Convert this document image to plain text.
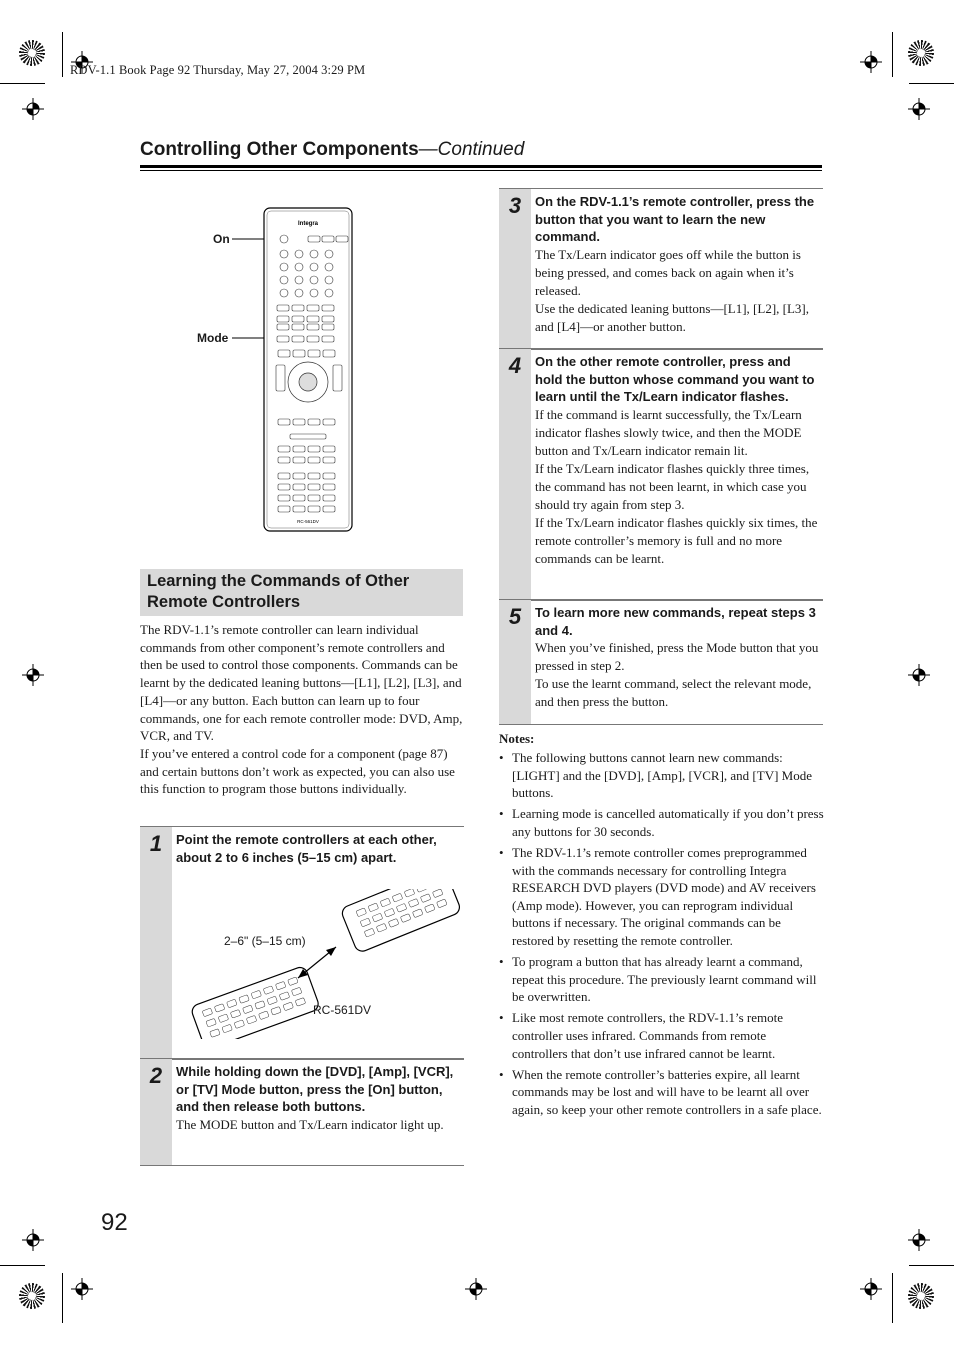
RDV-1.1 Book Page 92 Thursday, May 27, 2004 3:29 PM
Controlling Other Components—Continued
On
Mode
Integra
RC-561DV
Learning the Commands of Other Remote Controllers
The RDV-1.1’s remote controller can learn individual commands from other component’s remote controllers and then be used to control those components. Commands can be learnt by the dedicated leaning buttons—[L1], [L2], [L3], and [L4]—or any button. Each button can learn up to four commands, one for each remote controller mode: DVD, Amp, VCR, and TV.
If you’ve entered a control code for a component (page 87) and certain buttons don’t work as expected, you can also use this function to program those buttons individually.
1	Point the remote controllers at each other, about 2 to 6 inches (5–15 cm) apart.
2–6" (5–15 cm)
RC-561DV
2	While holding down the [DVD], [Amp], [VCR], or [TV] Mode button, press the [On] button, and then release both buttons.
The MODE button and Tx/Learn indicator light up.
3	On the RDV-1.1’s remote controller, press the button that you want to learn the new command.
The Tx/Learn indicator goes off while the button is being pressed, and comes back on again when it’s released.
Use the dedicated leaning buttons—[L1], [L2], [L3], and [L4]—or another button.
4	On the other remote controller, press and hold the button whose command you want to learn until the Tx/Learn indicator flashes.
If the command is learnt successfully, the Tx/Learn indicator flashes slowly twice, and then the MODE button and Tx/Learn indicator remain lit.
If the Tx/Learn indicator flashes quickly three times, the command has not been learnt, in which case you should try again from step 3.
If the Tx/Learn indicator flashes quickly six times, the remote controller’s memory is full and no more commands can be learnt.
5	To learn more new commands, repeat steps 3 and 4.
When you’ve finished, press the Mode button that you pressed in step 2.
To use the learnt command, select the relevant mode, and then press the button.
Notes:
• The following buttons cannot learn new commands: [LIGHT] and the [DVD], [Amp], [VCR], and [TV] Mode buttons.
• Learning mode is cancelled automatically if you don’t press any buttons for 30 seconds.
• The RDV-1.1’s remote controller comes preprogrammed with the commands necessary for controlling Integra RESEARCH DVD players (DVD mode) and AV receivers (Amp mode). However, you can reprogram individual buttons if necessary. The original commands can be restored by resetting the remote controller.
• To program a button that has already learnt a command, repeat this procedure. The previously learnt command will be overwritten.
• Like most remote controllers, the RDV-1.1’s remote controller uses infrared. Commands from remote controllers that don’t use infrared cannot be learnt.
• When the remote controller’s batteries expire, all learnt commands may be lost and will have to be learnt all over again, so keep your other remote controllers in a safe place.
92
